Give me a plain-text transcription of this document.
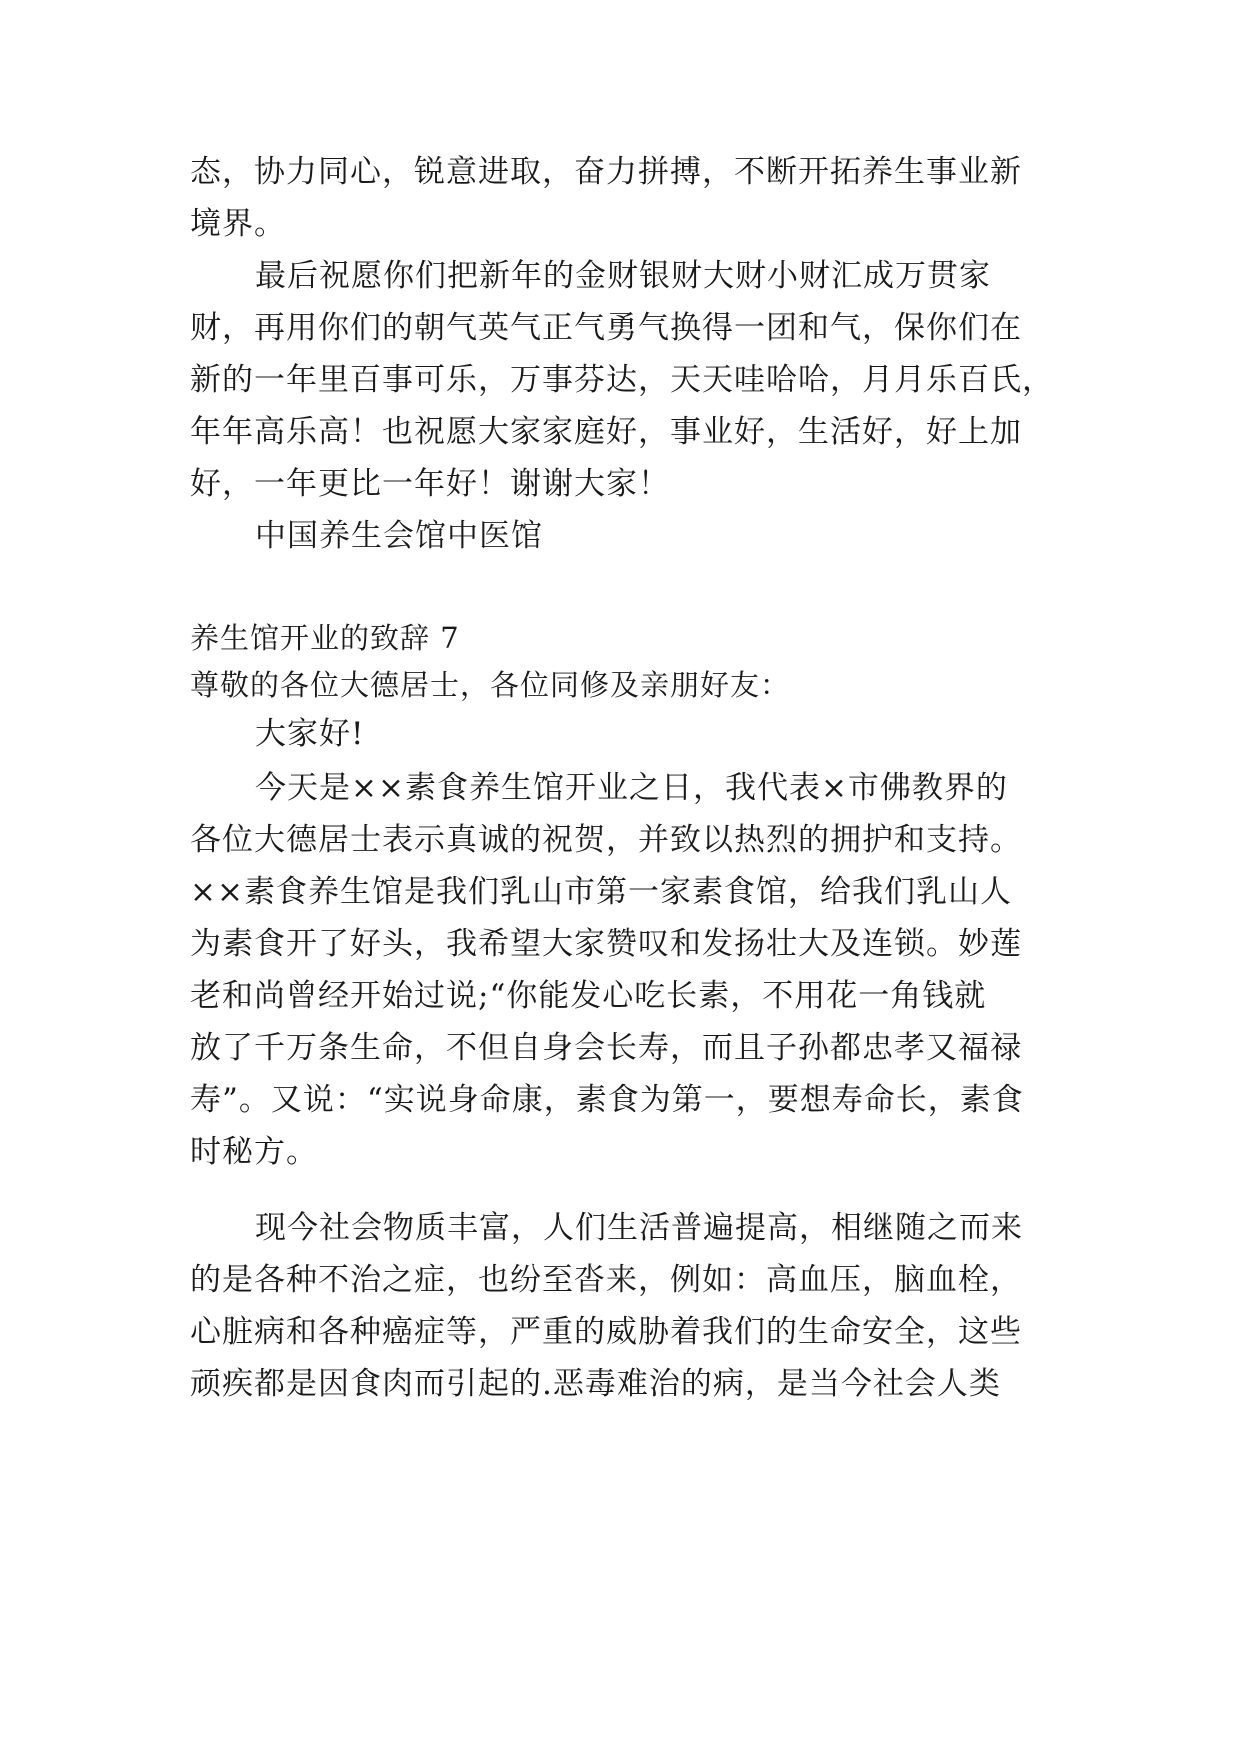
态，协力同心，锐意进取，奋力拼搏，不断开拓养生事业新
境界。
最后祝愿你们把新年的金财银财大财小财汇成万贯家
财，再用你们的朝气英气正气勇气换得一团和气，保你们在
新的一年里百事可乐，万事芬达，天天哇哈哈，月月乐百氏，
年年高乐高！也祝愿大家家庭好，事业好，生活好，好上加
好，一年更比一年好！谢谢大家！
中国养生会馆中医馆
养生馆开业的致辞 7
尊敬的各位大德居士，各位同修及亲朋好友：
大家好!
今天是××素食养生馆开业之日，我代表×市佛教界的
各位大德居士表示真诚的祝贺，并致以热烈的拥护和支持。
××素食养生馆是我们乳山市第一家素食馆，给我们乳山人
为素食开了好头，我希望大家赞叹和发扬壮大及连锁。妙莲
老和尚曾经开始过说;“你能发心吃长素，不用花一角钱就
放了千万条生命，不但自身会长寿，而且子孙都忠孝又福禄
寿”。又说：“实说身命康，素食为第一，要想寿命长，素食
时秘方。
现今社会物质丰富，人们生活普遍提高，相继随之而来
的是各种不治之症，也纷至沓来，例如：高血压，脑血栓，
心脏病和各种癌症等，严重的威胁着我们的生命安全，这些
顽疾都是因食肉而引起的.恶毒难治的病，是当今社会人类
